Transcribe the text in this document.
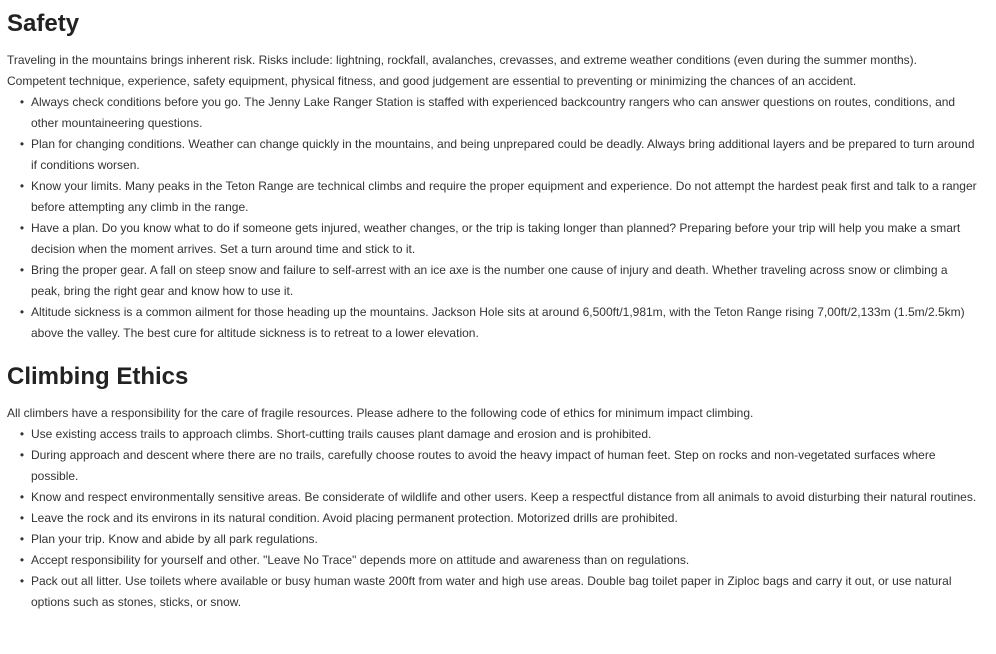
Safety

Traveling in the mountains brings inherent risk. Risks include: lightning, rockfall, avalanches, crevasses, and extreme weather conditions (even during the summer months). Competent technique, experience, safety equipment, physical fitness, and good judgement are essential to preventing or minimizing the chances of an accident.

• Always check conditions before you go. The Jenny Lake Ranger Station is staffed with experienced backcountry rangers who can answer questions on routes, conditions, and other mountaineering questions.
• Plan for changing conditions. Weather can change quickly in the mountains, and being unprepared could be deadly. Always bring additional layers and be prepared to turn around if conditions worsen.
• Know your limits. Many peaks in the Teton Range are technical climbs and require the proper equipment and experience. Do not attempt the hardest peak first and talk to a ranger before attempting any climb in the range.
• Have a plan. Do you know what to do if someone gets injured, weather changes, or the trip is taking longer than planned? Preparing before your trip will help you make a smart decision when the moment arrives. Set a turn around time and stick to it.
• Bring the proper gear. A fall on steep snow and failure to self-arrest with an ice axe is the number one cause of injury and death. Whether traveling across snow or climbing a peak, bring the right gear and know how to use it.
• Altitude sickness is a common ailment for those heading up the mountains. Jackson Hole sits at around 6,500ft/1,981m, with the Teton Range rising 7,00ft/2,133m (1.5m/2.5km) above the valley. The best cure for altitude sickness is to retreat to a lower elevation.
Climbing Ethics

All climbers have a responsibility for the care of fragile resources. Please adhere to the following code of ethics for minimum impact climbing.

• Use existing access trails to approach climbs. Short-cutting trails causes plant damage and erosion and is prohibited.
• During approach and descent where there are no trails, carefully choose routes to avoid the heavy impact of human feet. Step on rocks and non-vegetated surfaces where possible.
• Know and respect environmentally sensitive areas. Be considerate of wildlife and other users. Keep a respectful distance from all animals to avoid disturbing their natural routines.
• Leave the rock and its environs in its natural condition. Avoid placing permanent protection. Motorized drills are prohibited.
• Plan your trip. Know and abide by all park regulations.
• Accept responsibility for yourself and other. "Leave No Trace" depends more on attitude and awareness than on regulations.
• Pack out all litter. Use toilets where available or busy human waste 200ft from water and high use areas. Double bag toilet paper in Ziploc bags and carry it out, or use natural options such as stones, sticks, or snow.
